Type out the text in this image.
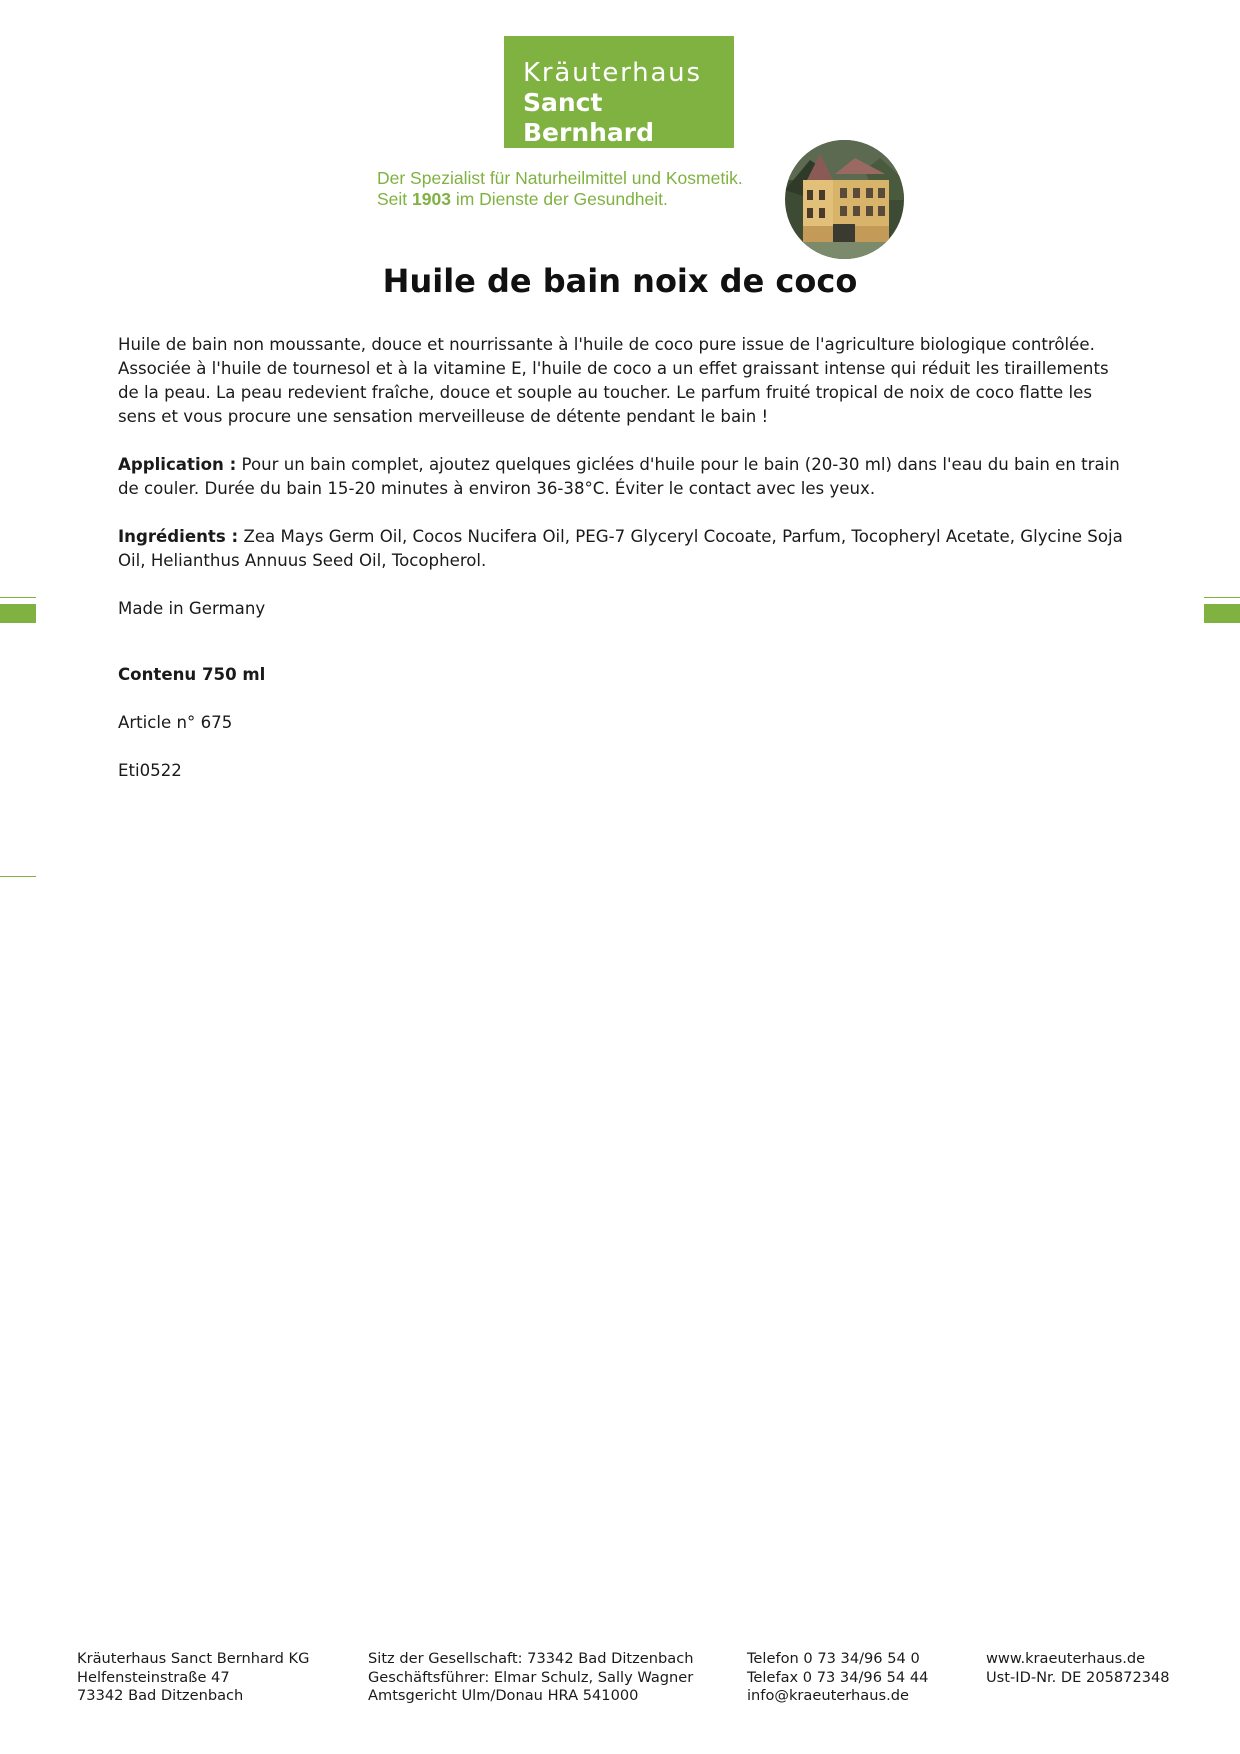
Kräuterhaus
Sanct Bernhard
Der Spezialist für Naturheilmittel und Kosmetik.
Seit 1903 im Dienste der Gesundheit.
Huile de bain noix de coco

Huile de bain non moussante, douce et nourrissante à l'huile de coco pure issue de l'agriculture biologique contrôlée. Associée à l'huile de tournesol et à la vitamine E, l'huile de coco a un effet graissant intense qui réduit les tiraillements de la peau. La peau redevient fraîche, douce et souple au toucher. Le parfum fruité tropical de noix de coco flatte les sens et vous procure une sensation merveilleuse de détente pendant le bain !

Application : Pour un bain complet, ajoutez quelques giclées d'huile pour le bain (20-30 ml) dans l'eau du bain en train de couler. Durée du bain 15-20 minutes à environ 36-38°C. Éviter le contact avec les yeux.

Ingrédients : Zea Mays Germ Oil, Cocos Nucifera Oil, PEG-7 Glyceryl Cocoate, Parfum, Tocopheryl Acetate, Glycine Soja Oil, Helianthus Annuus Seed Oil, Tocopherol.

Made in Germany

Contenu 750 ml

Article n° 675

Eti0522

Kräuterhaus Sanct Bernhard KG
Helfensteinstraße 47
73342 Bad Ditzenbach
Sitz der Gesellschaft: 73342 Bad Ditzenbach
Geschäftsführer: Elmar Schulz, Sally Wagner
Amtsgericht Ulm/Donau HRA 541000
Telefon 0 73 34/96 54 0
Telefax 0 73 34/96 54 44
info@kraeuterhaus.de
www.kraeuterhaus.de
Ust-ID-Nr. DE 205872348
